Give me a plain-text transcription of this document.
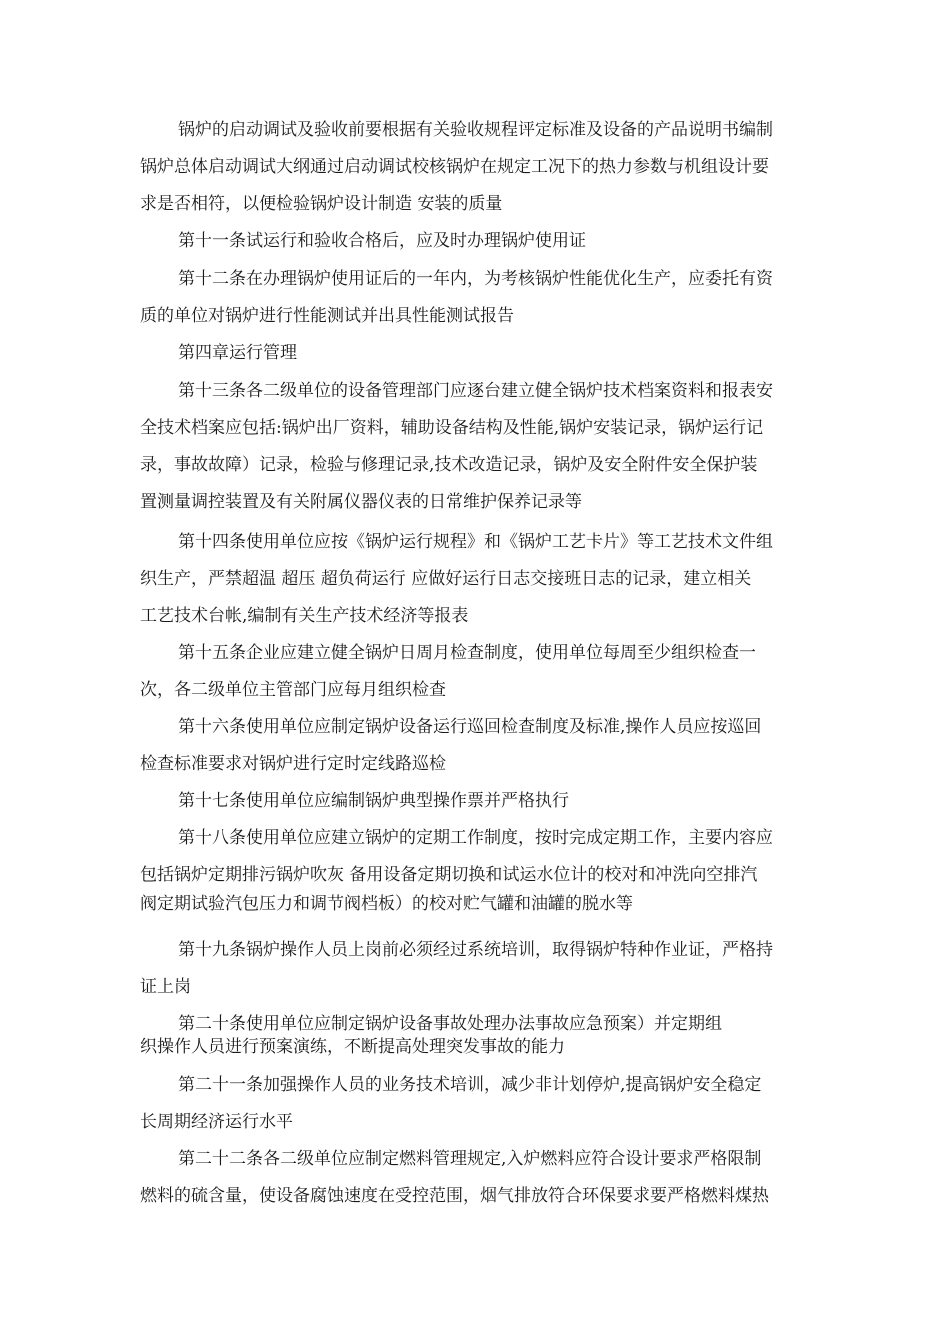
锅炉的启动调试及验收前要根据有关验收规程评定标准及设备的产品说明书编制
锅炉总体启动调试大纲通过启动调试校核锅炉在规定工况下的热力参数与机组设计要
求是否相符，以便检验锅炉设计制造 安装的质量
第十一条试运行和验收合格后，应及时办理锅炉使用证
第十二条在办理锅炉使用证后的一年内，为考核锅炉性能优化生产，应委托有资
质的单位对锅炉进行性能测试并出具性能测试报告
第四章运行管理
第十三条各二级单位的设备管理部门应逐台建立健全锅炉技术档案资料和报表安
全技术档案应包括:锅炉出厂资料，辅助设备结构及性能,锅炉安装记录，锅炉运行记
录，事故故障）记录，检验与修理记录,技术改造记录，锅炉及安全附件安全保护装
置测量调控装置及有关附属仪器仪表的日常维护保养记录等
第十四条使用单位应按《锅炉运行规程》和《锅炉工艺卡片》等工艺技术文件组
织生产，严禁超温 超压 超负荷运行 应做好运行日志交接班日志的记录，建立相关
工艺技术台帐,编制有关生产技术经济等报表
第十五条企业应建立健全锅炉日周月检查制度，使用单位每周至少组织检查一
次，各二级单位主管部门应每月组织检查
第十六条使用单位应制定锅炉设备运行巡回检查制度及标准,操作人员应按巡回
检查标准要求对锅炉进行定时定线路巡检
第十七条使用单位应编制锅炉典型操作票并严格执行
第十八条使用单位应建立锅炉的定期工作制度，按时完成定期工作，主要内容应
包括锅炉定期排污锅炉吹灰 备用设备定期切换和试运水位计的校对和冲洗向空排汽
阀定期试验汽包压力和调节阀档板）的校对贮气罐和油罐的脱水等
第十九条锅炉操作人员上岗前必须经过系统培训，取得锅炉特种作业证，严格持
证上岗
第二十条使用单位应制定锅炉设备事故处理办法事故应急预案）并定期组
织操作人员进行预案演练，不断提高处理突发事故的能力
第二十一条加强操作人员的业务技术培训，减少非计划停炉,提高锅炉安全稳定
长周期经济运行水平
第二十二条各二级单位应制定燃料管理规定,入炉燃料应符合设计要求严格限制
燃料的硫含量，使设备腐蚀速度在受控范围，烟气排放符合环保要求要严格燃料煤热
